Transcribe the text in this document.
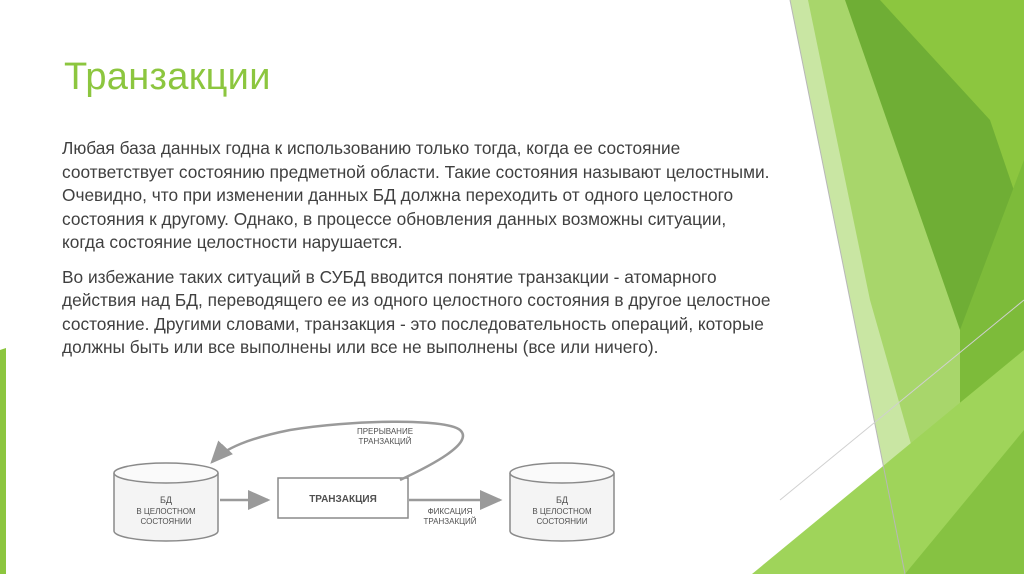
Транзакции
Любая база данных годна к использованию только тогда, когда ее состояние соответствует состоянию предметной области. Такие состояния называют целостными. Очевидно, что при изменении данных БД должна переходить от одного целостного состояния к другому. Однако, в процессе обновления данных возможны ситуации, когда состояние целостности нарушается.
Во избежание таких ситуаций в СУБД вводится понятие транзакции - атомарного действия над БД, переводящего ее из одного целостного состояния в другое целостное состояние. Другими словами, транзакция - это последовательность операций, которые должны быть или все выполнены или все не выполнены (все или ничего).
БД
В ЦЕЛОСТНОМ
СОСТОЯНИИ
ТРАНЗАКЦИЯ
ФИКСАЦИЯ
ТРАНЗАКЦИЙ
БД
В ЦЕЛОСТНОМ
СОСТОЯНИИ
ПРЕРЫВАНИЕ
ТРАНЗАКЦИЙ
